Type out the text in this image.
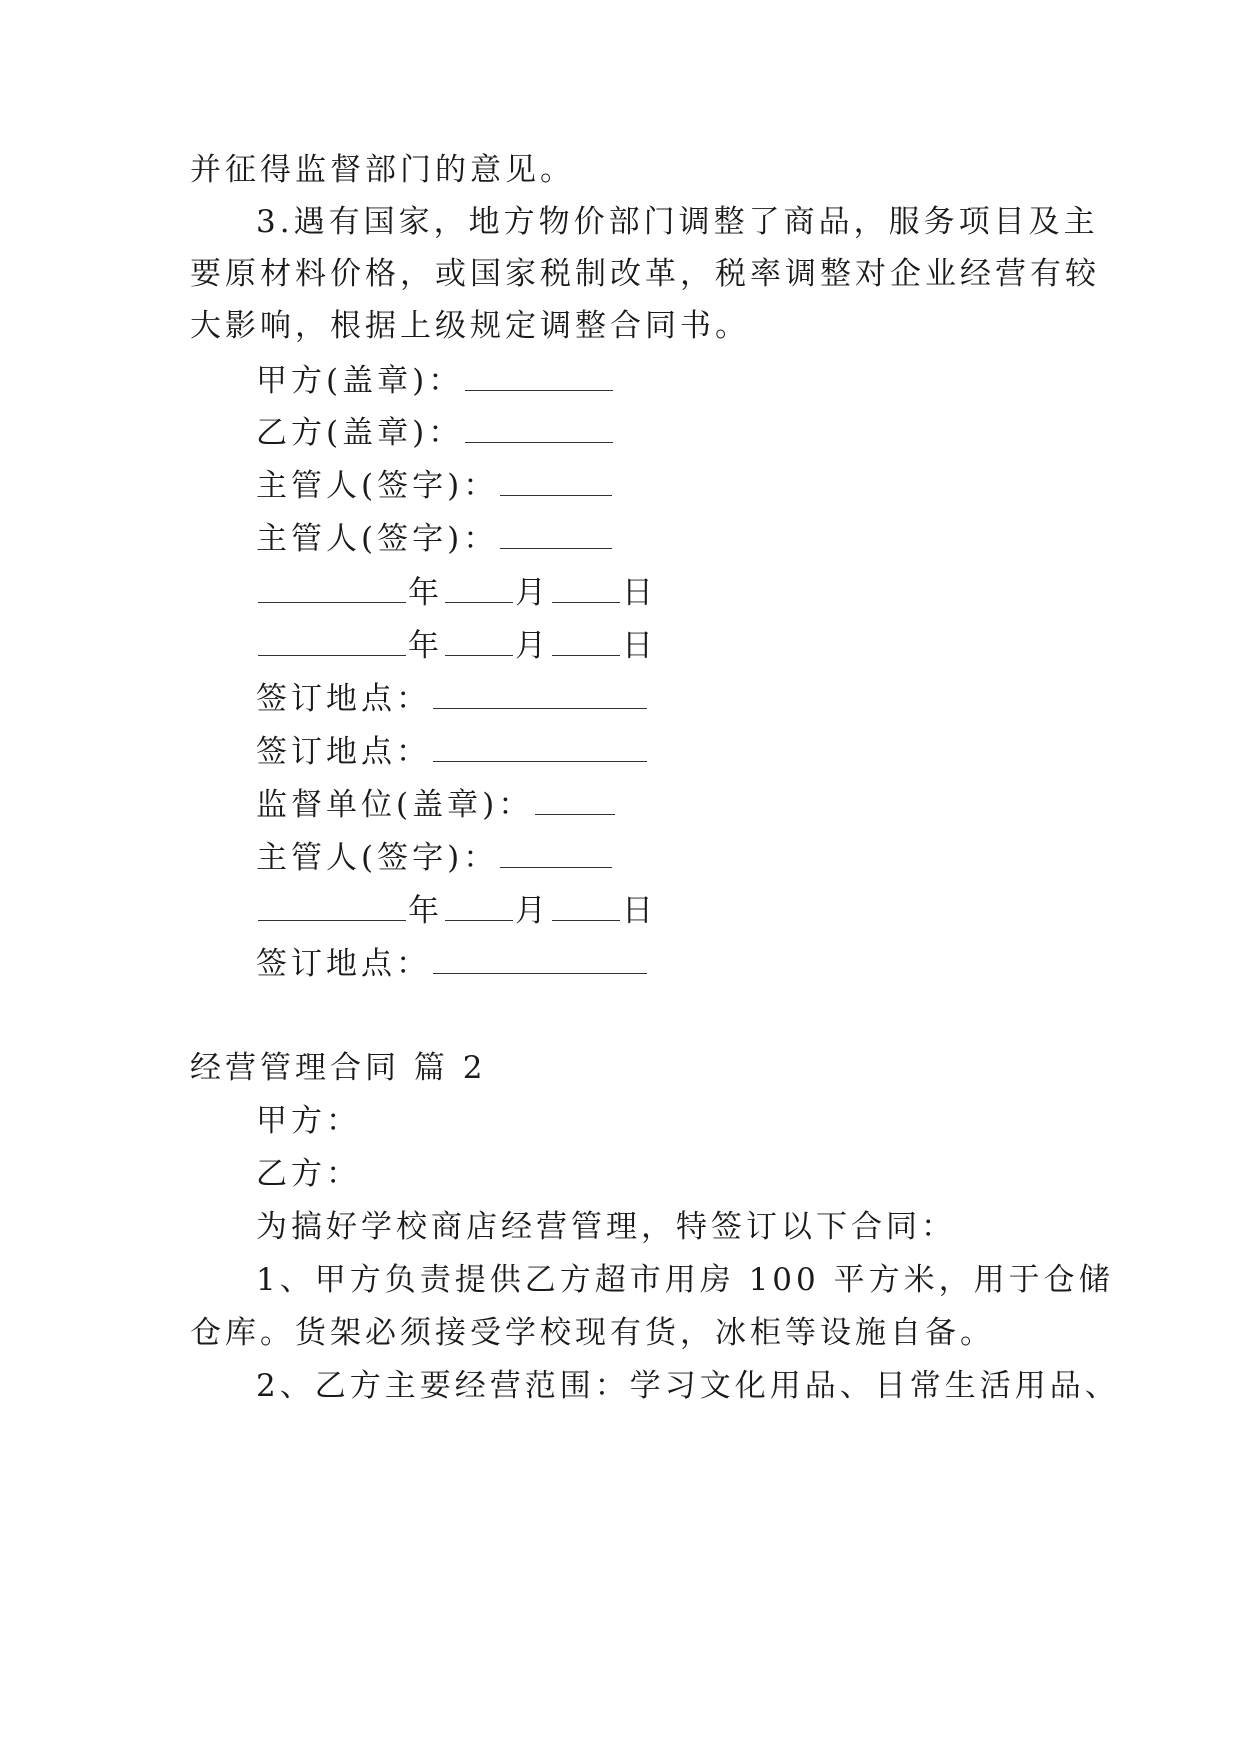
并征得监督部门的意见。
3.遇有国家，地方物价部门调整了商品，服务项目及主
要原材料价格，或国家税制改革，税率调整对企业经营有较
大影响，根据上级规定调整合同书。
甲方(盖章)：
乙方(盖章)：
主管人(签字)：
主管人(签字)：
年 月 日
年 月 日
签订地点：
签订地点：
监督单位(盖章)：
主管人(签字)：
年 月 日
签订地点：
经营管理合同 篇 2
甲方：
乙方：
为搞好学校商店经营管理，特签订以下合同：
1、甲方负责提供乙方超市用房 100 平方米，用于仓储
仓库。货架必须接受学校现有货，冰柜等设施自备。
2、乙方主要经营范围：学习文化用品、日常生活用品、
